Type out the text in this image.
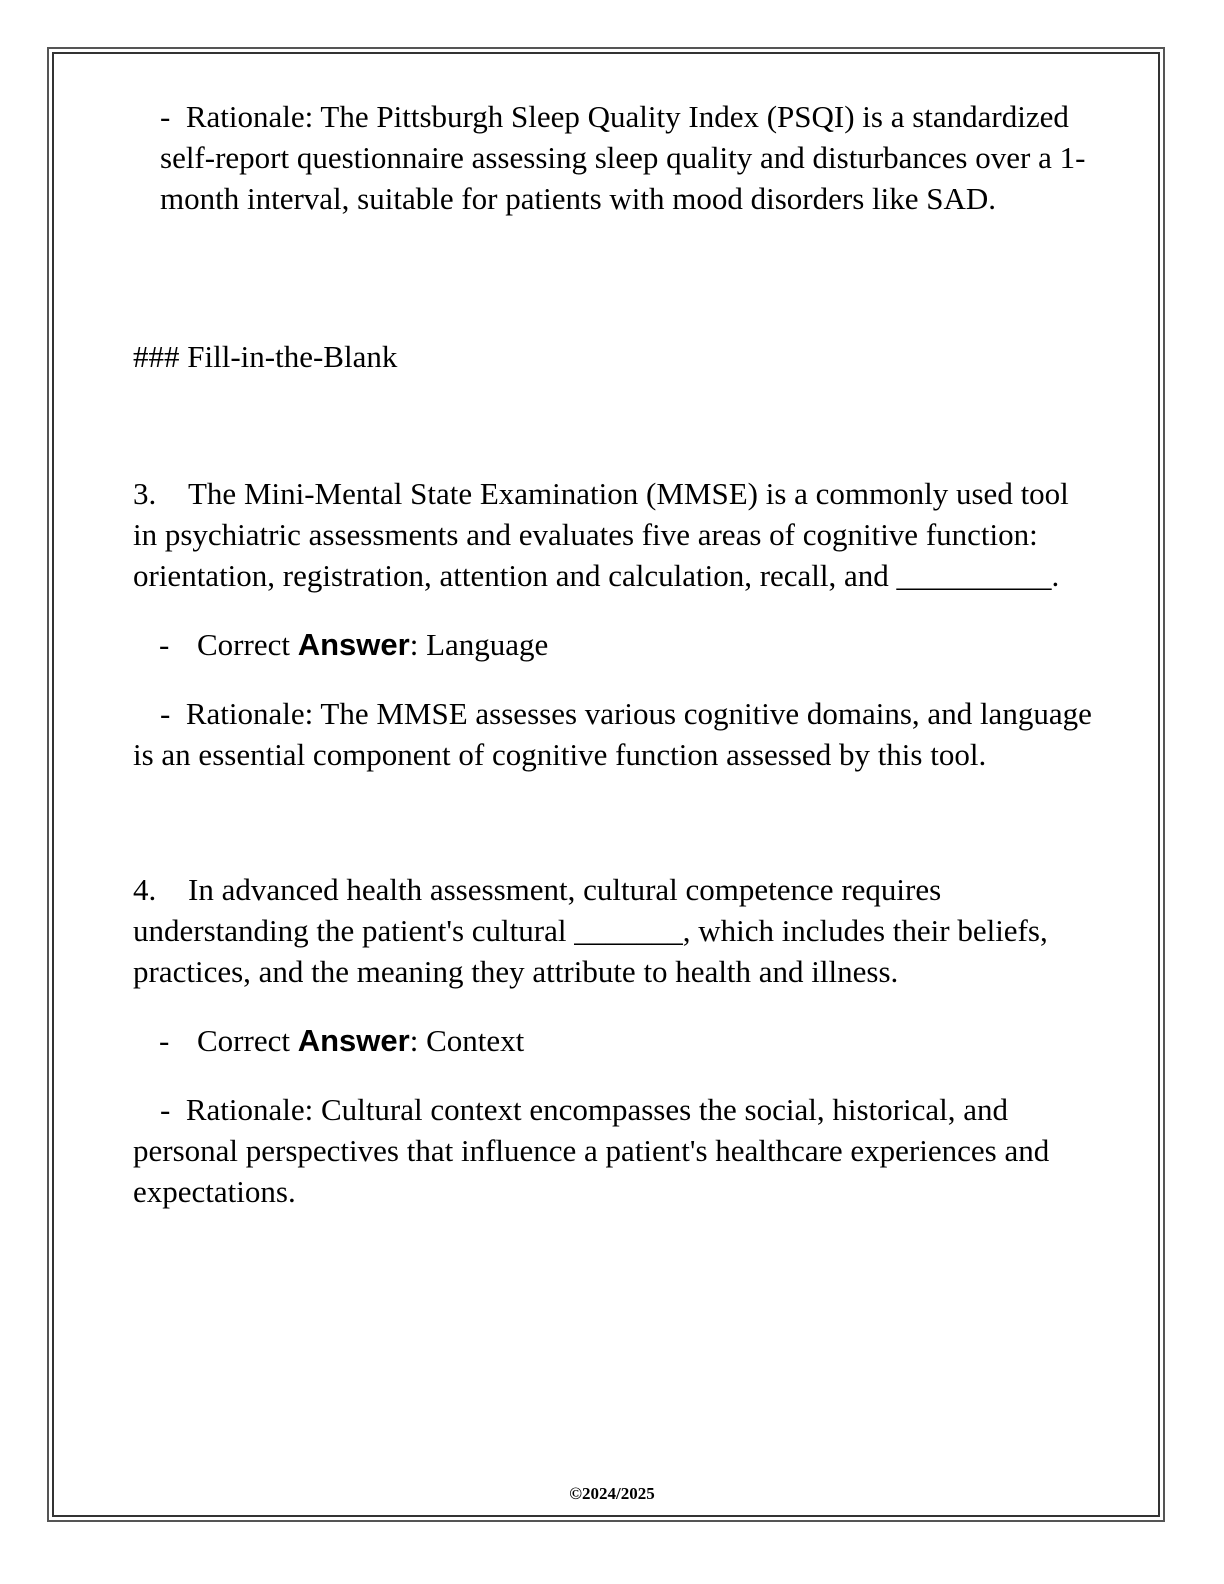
- Rationale: The Pittsburgh Sleep Quality Index (PSQI) is a standardized self-report questionnaire assessing sleep quality and disturbances over a 1-month interval, suitable for patients with mood disorders like SAD.

### Fill-in-the-Blank

3. The Mini-Mental State Examination (MMSE) is a commonly used tool in psychiatric assessments and evaluates five areas of cognitive function: orientation, registration, attention and calculation, recall, and __________.

- Correct Answer: Language

- Rationale: The MMSE assesses various cognitive domains, and language is an essential component of cognitive function assessed by this tool.

4. In advanced health assessment, cultural competence requires understanding the patient's cultural _______, which includes their beliefs, practices, and the meaning they attribute to health and illness.

- Correct Answer: Context

- Rationale: Cultural context encompasses the social, historical, and personal perspectives that influence a patient's healthcare experiences and expectations.

©2024/2025
